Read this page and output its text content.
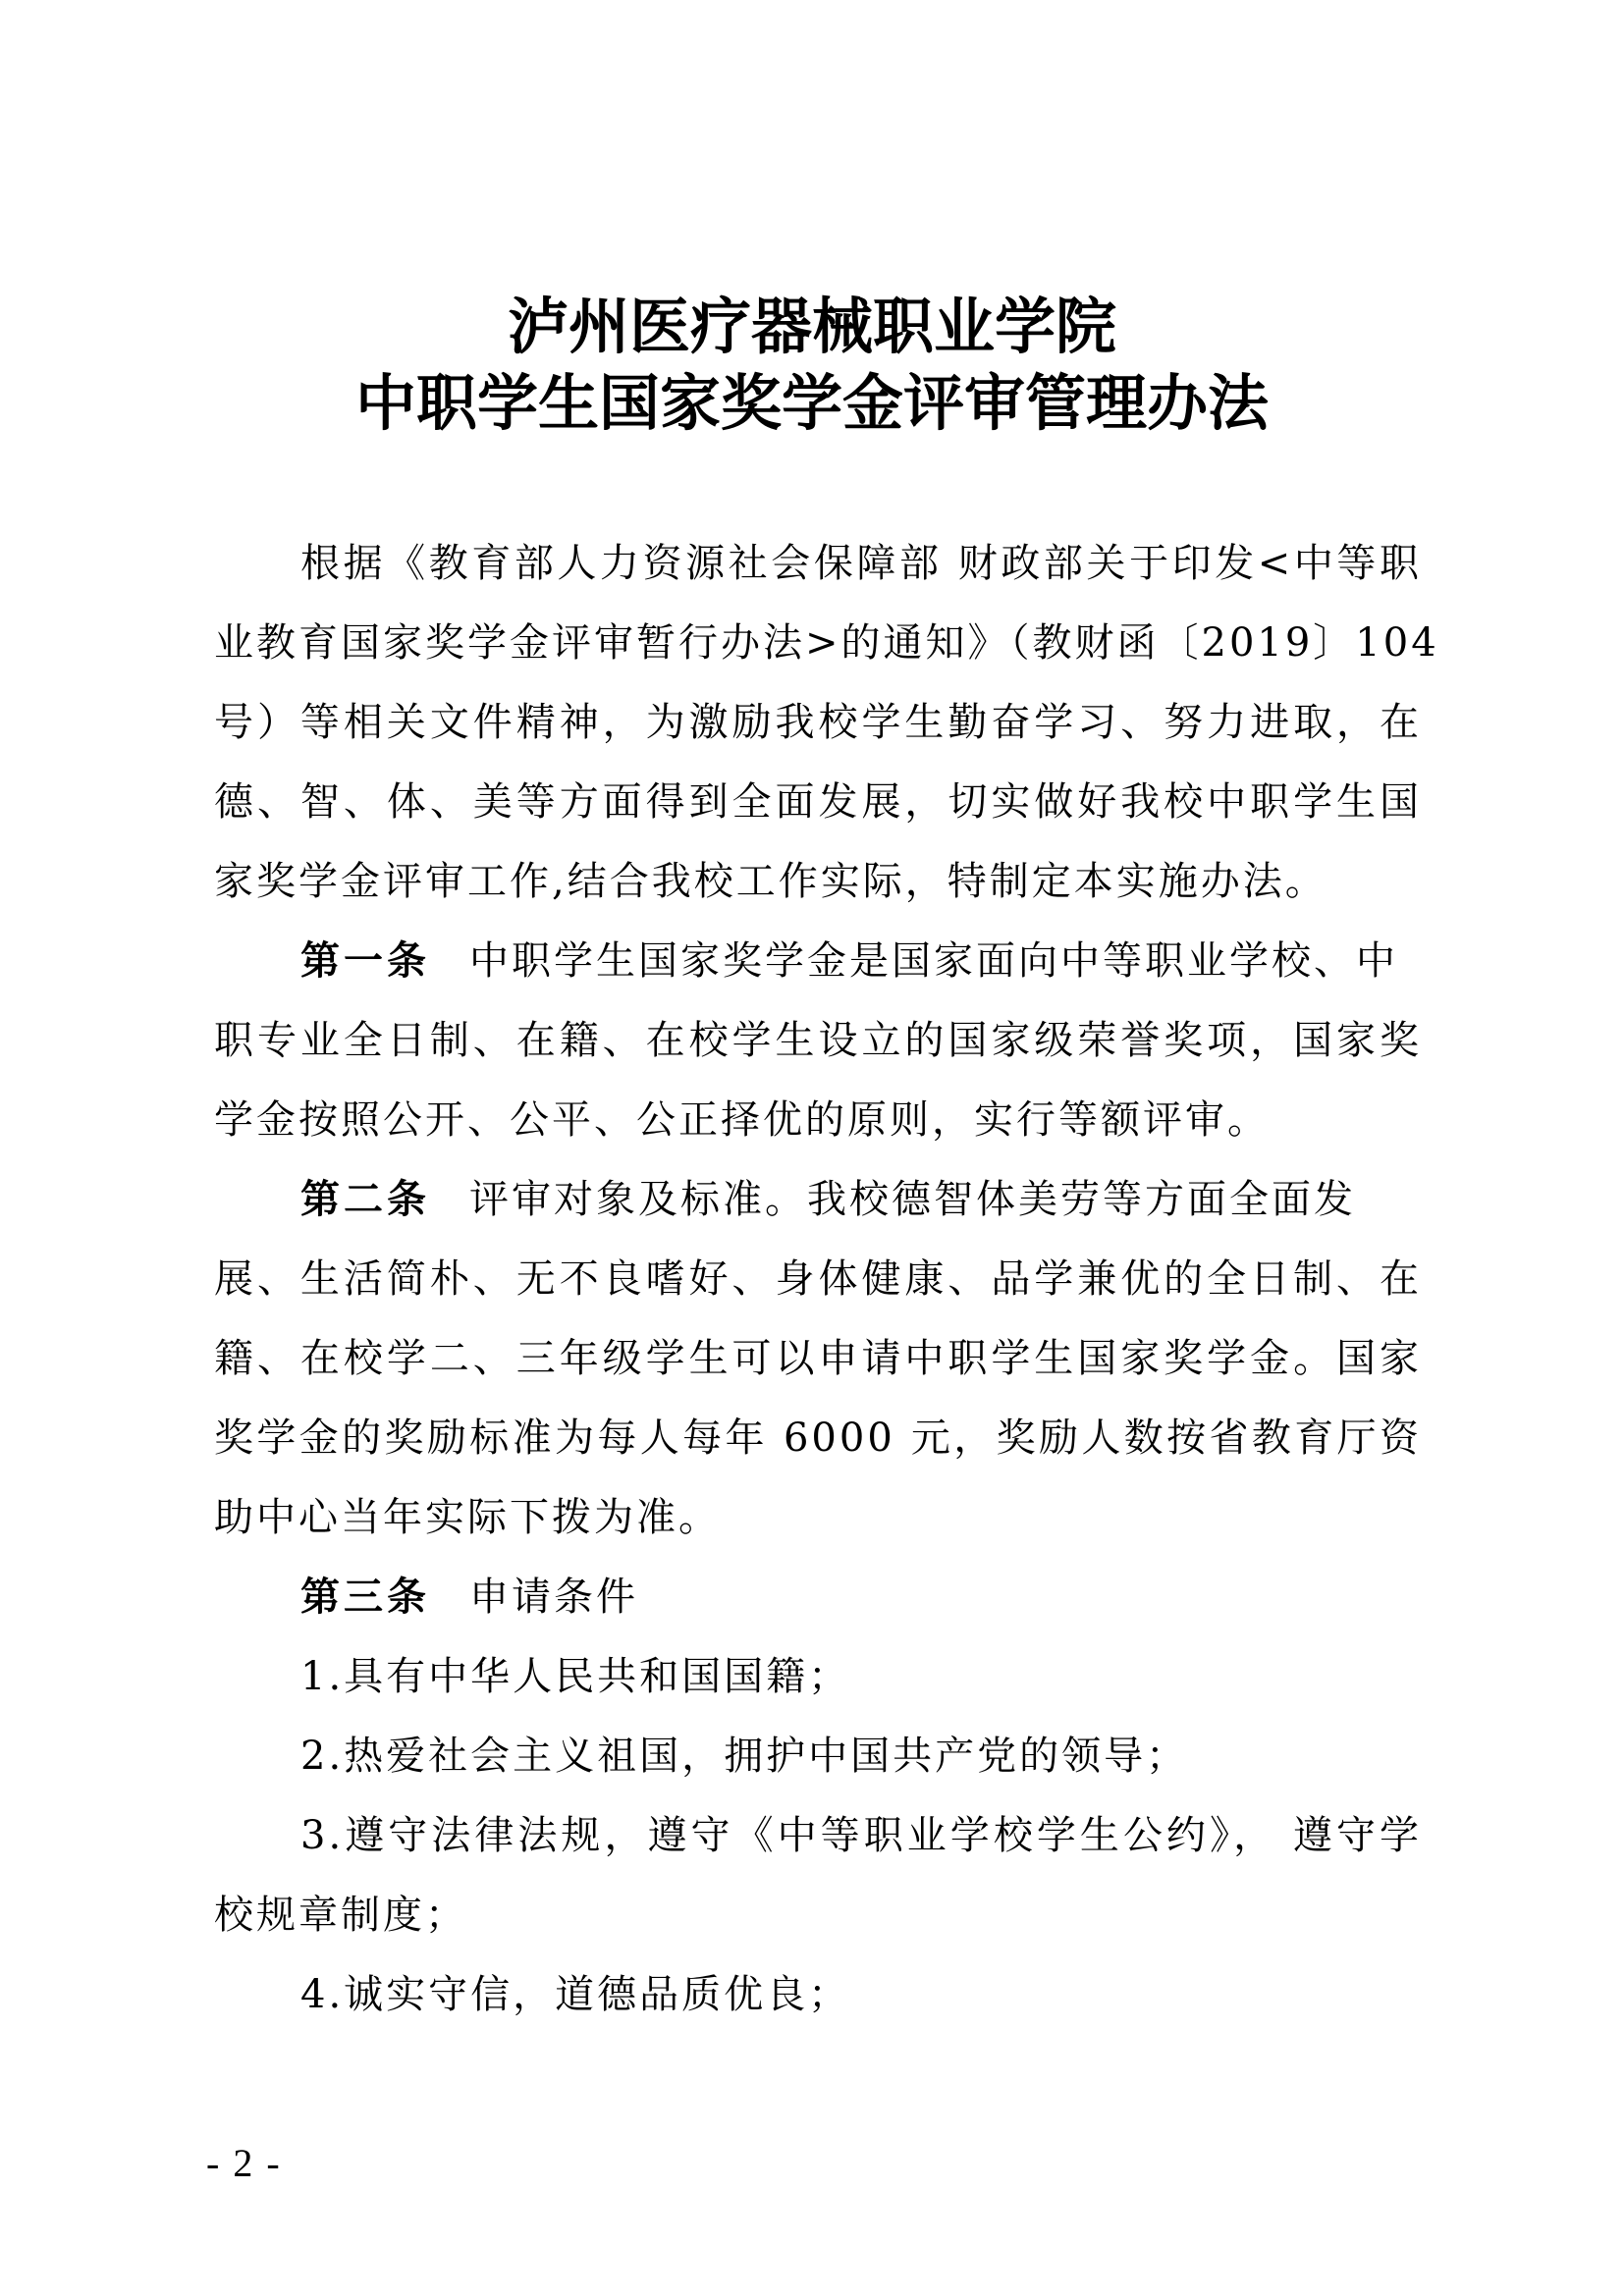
泸州医疗器械职业学院
中职学生国家奖学金评审管理办法
根据《教育部人力资源社会保障部 财政部关于印发<中等职
业教育国家奖学金评审暂行办法>的通知》（教财函〔2019〕104
号）等相关文件精神，为激励我校学生勤奋学习、努力进取，在
德、智、体、美等方面得到全面发展，切实做好我校中职学生国
家奖学金评审工作,结合我校工作实际，特制定本实施办法。
第一条 中职学生国家奖学金是国家面向中等职业学校、中
职专业全日制、在籍、在校学生设立的国家级荣誉奖项，国家奖
学金按照公开、公平、公正择优的原则，实行等额评审。
第二条 评审对象及标准。我校德智体美劳等方面全面发
展、生活简朴、无不良嗜好、身体健康、品学兼优的全日制、在
籍、在校学二、三年级学生可以申请中职学生国家奖学金。国家
奖学金的奖励标准为每人每年 6000 元，奖励人数按省教育厅资
助中心当年实际下拨为准。
第三条 申请条件
1.具有中华人民共和国国籍；
2.热爱社会主义祖国，拥护中国共产党的领导；
3.遵守法律法规，遵守《中等职业学校学生公约》， 遵守学
校规章制度；
4.诚实守信，道德品质优良；
- 2 -
